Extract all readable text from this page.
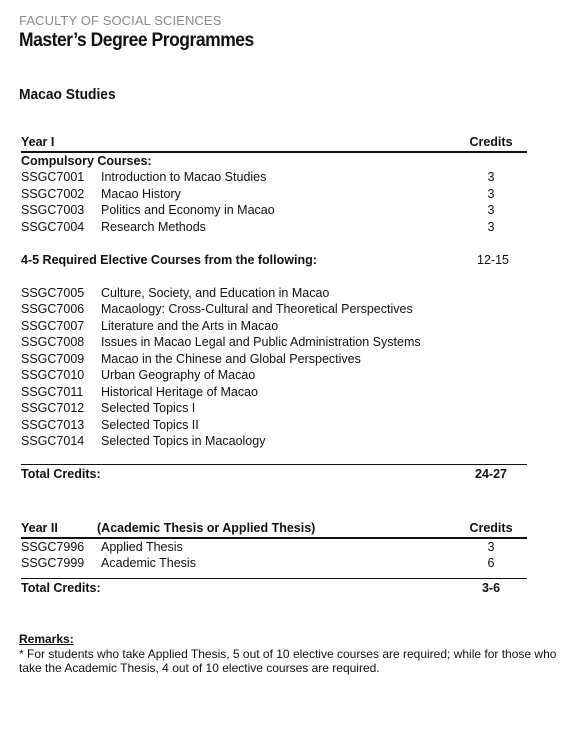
FACULTY OF SOCIAL SCIENCES
Master’s Degree Programmes
Macao Studies
Year I	Credits
Compulsory Courses:
SSGC7001 Introduction to Macao Studies	3
SSGC7002 Macao History	3
SSGC7003 Politics and Economy in Macao	3
SSGC7004 Research Methods	3
4-5 Required Elective Courses from the following:	12-15
SSGC7005 Culture, Society, and Education in Macao
SSGC7006 Macaology: Cross-Cultural and Theoretical Perspectives
SSGC7007 Literature and the Arts in Macao
SSGC7008 Issues in Macao Legal and Public Administration Systems
SSGC7009 Macao in the Chinese and Global Perspectives
SSGC7010 Urban Geography of Macao
SSGC7011 Historical Heritage of Macao
SSGC7012 Selected Topics I
SSGC7013 Selected Topics II
SSGC7014 Selected Topics in Macaology
Total Credits:	24-27
Year II	(Academic Thesis or Applied Thesis)	Credits
SSGC7996 Applied Thesis	3
SSGC7999 Academic Thesis	6
Total Credits:	3-6
Remarks:
* For students who take Applied Thesis, 5 out of 10 elective courses are required; while for those who take the Academic Thesis, 4 out of 10 elective courses are required.
